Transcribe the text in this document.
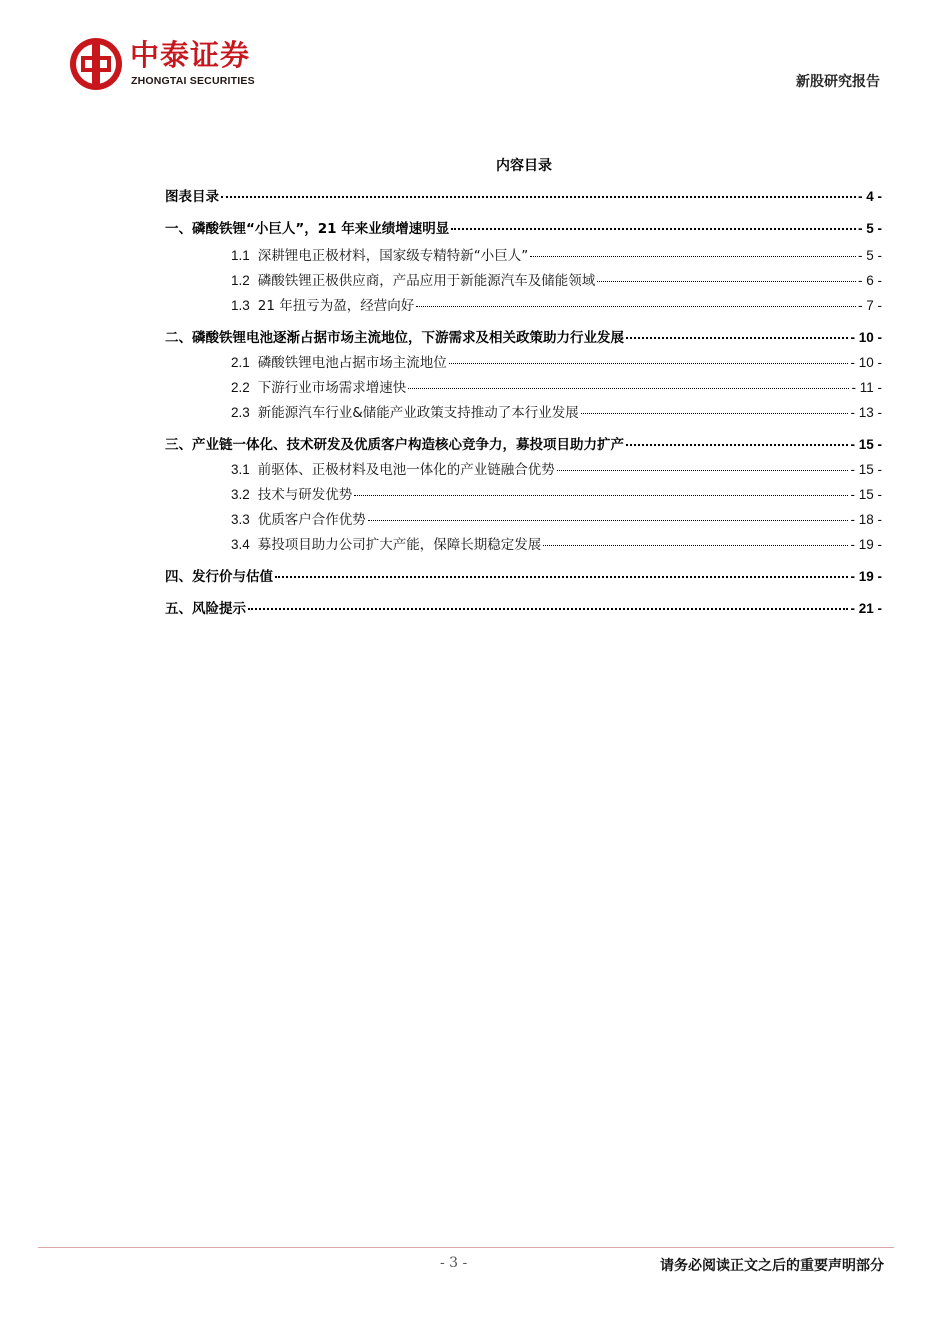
中泰证券
ZHONGTAI SECURITIES	新股研究报告
内容目录
图表目录	- 4 -
一、磷酸铁锂“小巨人”，21 年来业绩增速明显	- 5 -
1.1 深耕锂电正极材料，国家级专精特新“小巨人”	- 5 -
1.2 磷酸铁锂正极供应商，产品应用于新能源汽车及储能领域	- 6 -
1.3 21 年扭亏为盈，经营向好	- 7 -
二、磷酸铁锂电池逐渐占据市场主流地位，下游需求及相关政策助力行业发展	- 10 -
2.1 磷酸铁锂电池占据市场主流地位	- 10 -
2.2 下游行业市场需求增速快	- 11 -
2.3 新能源汽车行业&储能产业政策支持推动了本行业发展	- 13 -
三、产业链一体化、技术研发及优质客户构造核心竞争力，募投项目助力扩产	- 15 -
3.1 前驱体、正极材料及电池一体化的产业链融合优势	- 15 -
3.2 技术与研发优势	- 15 -
3.3 优质客户合作优势	- 18 -
3.4 募投项目助力公司扩大产能，保障长期稳定发展	- 19 -
四、发行价与估值	- 19 -
五、风险提示	- 21 -
- 3 -	请务必阅读正文之后的重要声明部分
